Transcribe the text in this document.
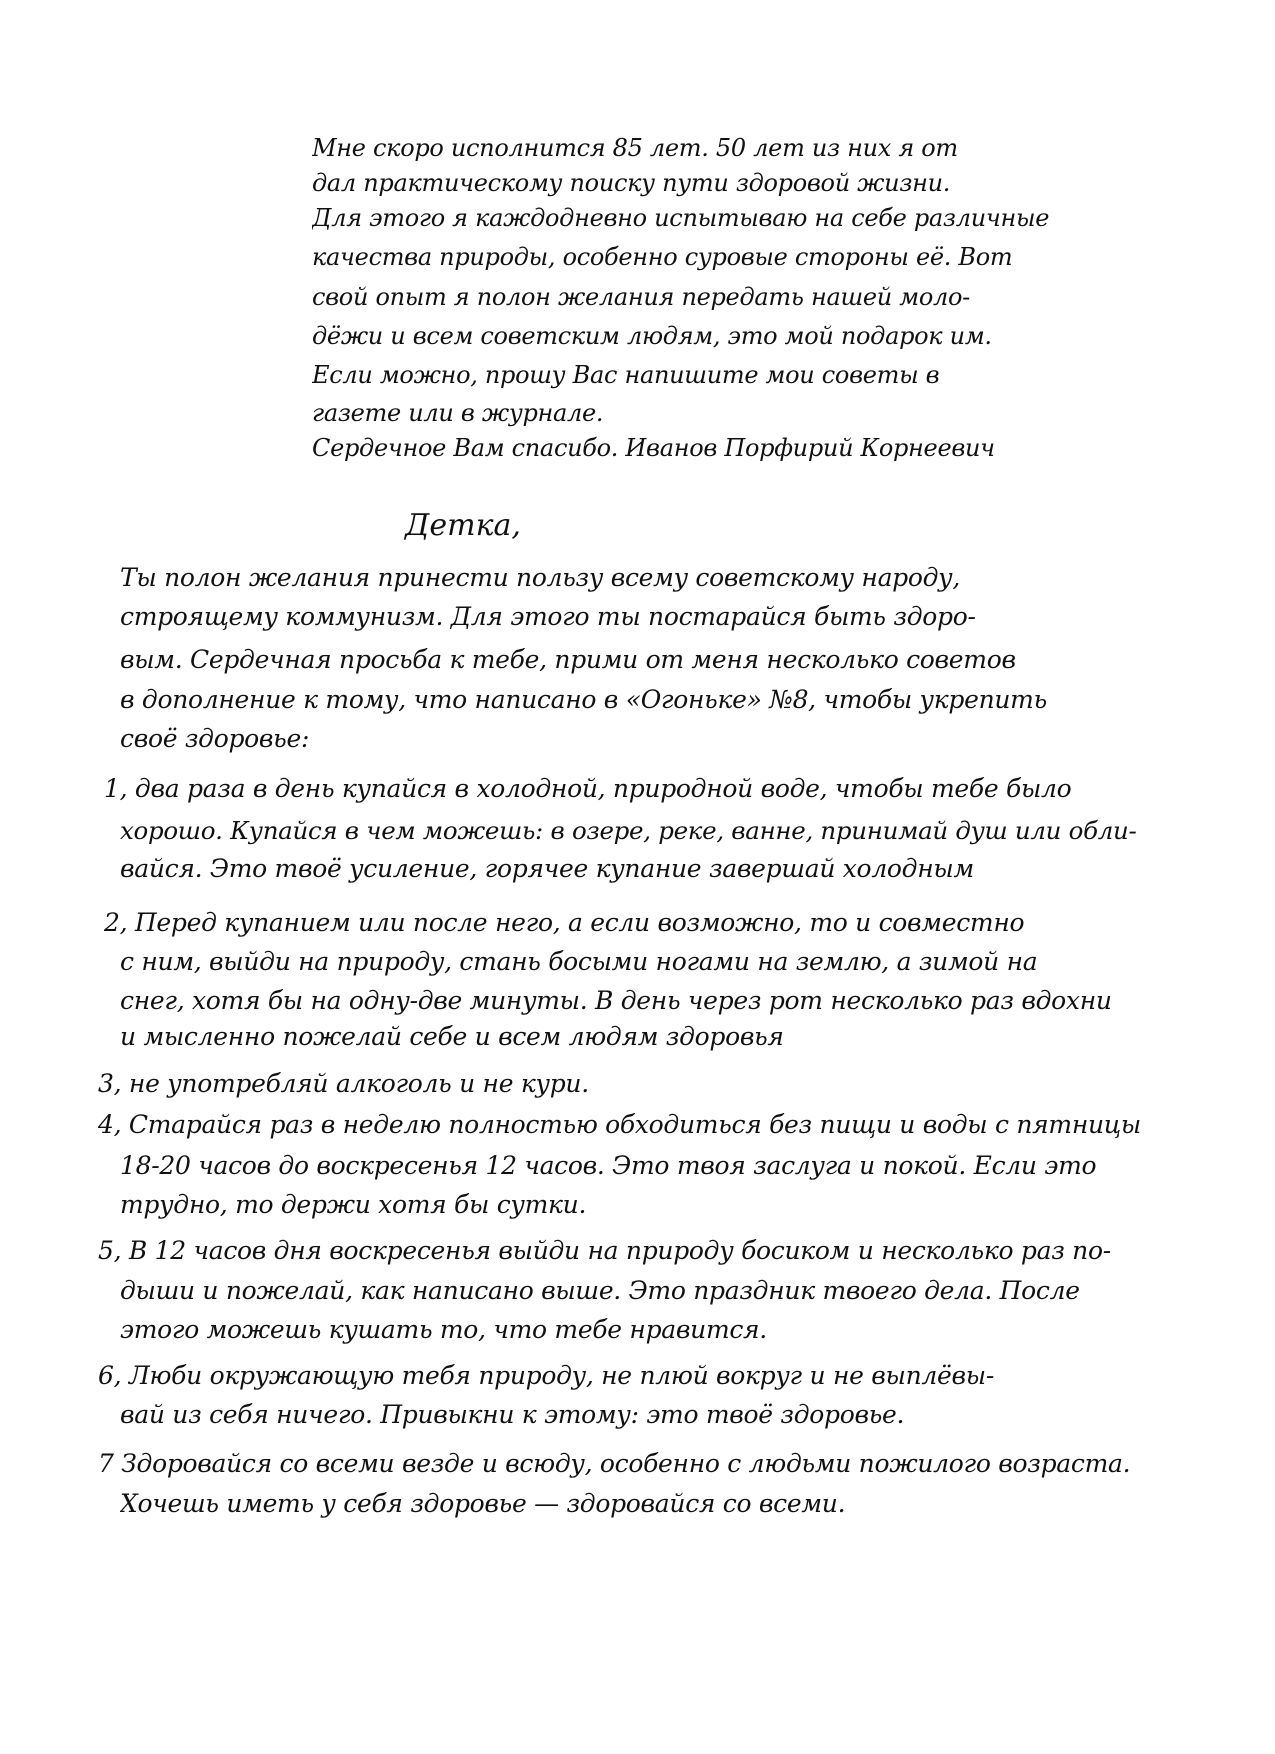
Мне скоро исполнится 85 лет. 50 лет из них я от
дал практическому поиску пути здоровой жизни.
Для этого я каждодневно испытываю на себе различные
качества природы, особенно суровые стороны её. Вот
свой опыт я полон желания передать нашей моло-
дёжи и всем советским людям, это мой подарок им.
Если можно, прошу Вас напишите мои советы в
газете или в журнале.
Сердечное Вам спасибо. Иванов Порфирий Корнеевич
Детка,
Ты полон желания принести пользу всему советскому народу,
строящему коммунизм. Для этого ты постарайся быть здоро-
вым. Сердечная просьба к тебе, прими от меня несколько советов
в дополнение к тому, что написано в «Огоньке» №8, чтобы укрепить
своё здоровье:
1, два раза в день купайся в холодной, природной воде, чтобы тебе было
хорошо. Купайся в чем можешь: в озере, реке, ванне, принимай душ или обли-
вайся. Это твоё усиление, горячее купание завершай холодным
2, Перед купанием или после него, а если возможно, то и совместно
с ним, выйди на природу, стань босыми ногами на землю, а зимой на
снег, хотя бы на одну-две минуты. В день через рот несколько раз вдохни
и мысленно пожелай себе и всем людям здоровья
3, не употребляй алкоголь и не кури.
4, Старайся раз в неделю полностью обходиться без пищи и воды с пятницы
18-20 часов до воскресенья 12 часов. Это твоя заслуга и покой. Если это
трудно, то держи хотя бы сутки.
5, В 12 часов дня воскресенья выйди на природу босиком и несколько раз по-
дыши и пожелай, как написано выше. Это праздник твоего дела. После
этого можешь кушать то, что тебе нравится.
6, Люби окружающую тебя природу, не плюй вокруг и не выплёвы-
вай из себя ничего. Привыкни к этому: это твоё здоровье.
7 Здоровайся со всеми везде и всюду, особенно с людьми пожилого возраста.
Хочешь иметь у себя здоровье — здоровайся со всеми.
